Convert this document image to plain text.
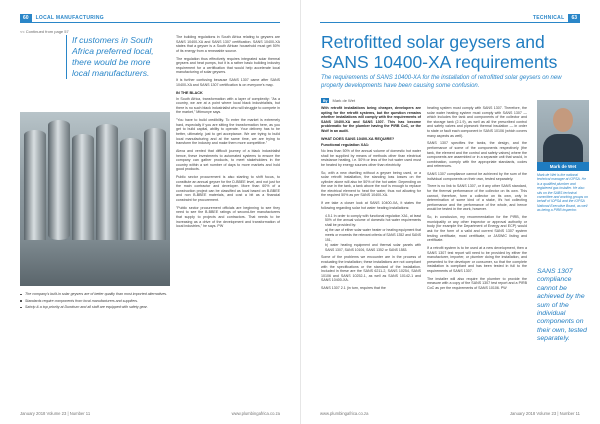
60	LOCAL MANUFACTURING
<< Continued from page 57
If customers in South Africa preferred local, there would be more local manufacturers.

The building regulations in South Africa relating to geysers are SANS 10400-XA and SANS 1307 certification. SANS 10400-XA states that a geyser is a South African household must get 50% of its energy from a renewable source.

The regulation thus effectively requires integrated solar thermal geysers and heat pumps, but it is a rather basic building industry requirement for a certification that would help accelerate local manufacturing of solar geysers.

It is further confusing because SANS 1307 came after SANS 10400-XA and SANS 1307 certification is on everyone's map.

IN THE BLACK

In South Africa, transformation with a layer of complexity: "As a country, we are at a point where local black industrialists, but there is no such black industrialist who will struggle to compete in the market," Mtimunye says.

"You have to build credibility. To enter the market is extremely hard, especially if you are sitting the transformation here, as you get to build capital, ability to operate. Your delivery has to be better, ultimately, just to get acceptance. We are trying to build local manufacturing and at the same time, we are trying to transform the industry and make them more competitive."

Alexa and vented that difficult journey of a black industrialist hence, these investments to automated systems to ensure the company can gather products, to meet stakeholders in the country within a set number of days to more markets and hold good products.

Public sector procurement is also starting to shift focus, to constitute an annual geyser for the D-BBEE level, and not just for the main contractor and developer. More than 60% of a construction project can be classified as local based on B-BBEE and non B-BBEE materials, and cost a bit as a financial constraint for procurement.

"Public sector procurement officials are beginning to see they need to see the B-BBEE ratings of second-tier manufacturers that supply to projects and contractors. That needs to be increasing as a drive of the development and transformation of local industries," he says. PW

The company's built-in solar geysers are of better quality than most imported alternatives.
Standards require components from local manufacturers and suppliers.
Sahrip & a top priority at Dundrum and all staff are equipped with safety gear.
January 2018 Volume 23 | Number 11	www.plumbingafrica.co.za
TECHNICAL	63
Retrofitted solar geysers and SANS 10400-XA requirements
The requirements of SANS 10400-XA for the installation of retrofitted solar geysers on new property developments have been causing some confusion.
By	Mark de Wet

With retrofit installations being cheaper, developers are opting for the retrofit systems, but the question remains whether installations will comply with the requirements of SANS 10400-XA and SANS 1307. This has become problematic for the plumber having the PIRB CoC, or the Wolf in an audit.

WHAT DOES SANS 10400-XA REQUIRE?
Functional regulation XA1:

No less than 50% of the annual volume of domestic hot water shall be supplied by means of methods other than electrical resistance heating, i.e. 50% or less of the hot water used must be heated by energy sources other than electricity.

So, with a new dwelling without a geyser being used, or a solar retrofit installation, the standing loss losses on the cylinder alone will also be 50% of the hot water. Depending on the use in the tank, a tank above the roof is enough to replace the electrical element to heat the water, thus not allowing for the required 50% as per SANS 10400-XA.

If we take a closer look at SANS 10400-XA, it states the following regarding solar hot water heating installations:

4.5.1 In order to comply with functional regulation XA1, at least 50% of the annual volume of domestic hot water requirements shall be provided by:
a) the use of either solar water heater or heating equipment that meets or exceeds the relevant criteria of SANS 1352 and SANS 151,
b) water heating equipment and thermal solar panels with SANS 1307, SANS 10106, SANS 1352 or SANS 1583.

Some of the problems we encounter are in the process of evaluating the installation; these installations are not compliant with the specifications or the standard of the installation. Included in these are the SANS 6211-2, SANS 10254, SANS 10106 and SANS 10252-1, as well as SANS 10142-1 and SANS 10400-XA.

SANS 1307 2.1 (in turn, requires that the

heating system must comply with SANS 1307. Therefore, the solar water heating system must comply with SANS 1307 — which includes the tank and components of the collector and the storage tank (2.1.9), as well as all the prescribed control and safety valves and pipework thermal insulation — in order to state or fault each component in SANS 10106 (which covers many aspects as well).

SANS 1307 specifies the tanks, the design, and the performance of some of the components respectively (the tank, the element and the control and safety valves) where the components are assembled or in a separate unit that would, in combination, comply with the appropriate standards, codes and references.

SANS 1307 compliance cannot be achieved by the sum of the individual components on their own, tested separately.

There is no link to SANS 1307, or it any other SANS standard, for the thermal performance of the collector on its own. This cannot, therefore, form a collector on its own, only in determination of some kind of a stake, it's hot collecting performance and the performance of the whole, and hence would be tested in the work, however.

So, in conclusion, my recommendation for the PIRB, the municipality or any other inspector or approval authority or body (for example the Department of Energy and ECP) would ask for the form of a valid and current SANS 1307 system testing certificate, most certificate, or JASWIC listing and certificate.

If a retrofit system is to be used at a new development, then a SANS 1307 test report will need to be provided by either the manufacturer, importer, or plumber doing the installation, and presented to the developer or consumer, so that the complete installation is compliant and has been tested in full to the requirements of SANS 1307.

The installer will also require the plumber to provide the measure with a copy of the SANS 1307 test report and a PIRB CoC as per the requirements of SANS 10106. PW

Mark de Wet
Mark de Wet is the national technical manager at IOPSA. He is a qualified plumber and registered gas installer. He also sits on the SABS technical committee and working groups on behalf of IOPSA and the IOPSA National Executive Board, as well as being a PIRB inspector.
SANS 1307 compliance cannot be achieved by the sum of the individual components on their own, tested separately.
www.plumbingafrica.co.za	January 2018 Volume 23 | Number 11
